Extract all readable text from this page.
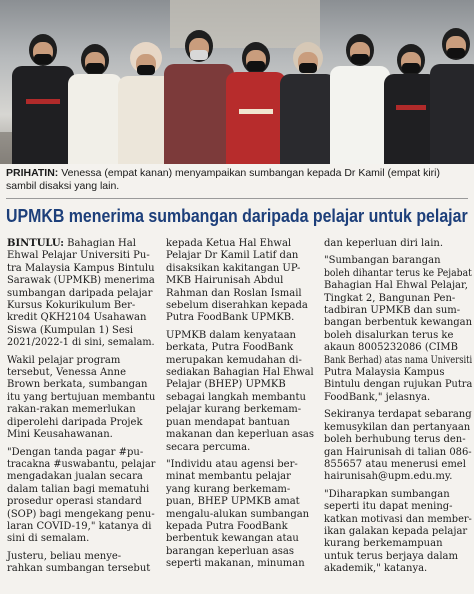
PRIHATIN: Venessa (empat kanan) menyampaikan sumbangan kepada Dr Kamil (empat kiri)
sambil disaksi yang lain.
UPMKB menerima sumbangan daripada pelajar untuk pelajar

BINTULU: Bahagian Hal
Ehwal Pelajar Universiti Pu-
tra Malaysia Kampus Bintulu
Sarawak (UPMKB) menerima
sumbangan daripada pelajar
Kursus Kokurikulum Ber-
kredit QKH2104 Usahawan
Siswa (Kumpulan 1) Sesi
2021/2022-1 di sini, semalam.

Wakil pelajar program
tersebut, Venessa Anne
Brown berkata, sumbangan
itu yang bertujuan membantu
rakan-rakan memerlukan
diperolehi daripada Projek
Mini Keusahawanan.

"Dengan tanda pagar #pu-
tracakna #uswabantu, pelajar
mengadakan jualan secara
dalam talian bagi mematuhi
prosedur operasi standard
(SOP) bagi mengekang penu-
laran COVID-19," katanya di
sini di semalam.

Justeru, beliau menye-
rahkan sumbangan tersebut

kepada Ketua Hal Ehwal
Pelajar Dr Kamil Latif dan
disaksikan kakitangan UP-
MKB Hairunisah Abdul
Rahman dan Roslan Ismail
sebelum diserahkan kepada
Putra FoodBank UPMKB.

UPMKB dalam kenyataan
berkata, Putra FoodBank
merupakan kemudahan di-
sediakan Bahagian Hal Ehwal
Pelajar (BHEP) UPMKB
sebagai langkah membantu
pelajar kurang berkemam-
puan mendapat bantuan
makanan dan keperluan asas
secara percuma.

"Individu atau agensi ber-
minat membantu pelajar
yang kurang berkemam-
puan, BHEP UPMKB amat
mengalu-alukan sumbangan
kepada Putra FoodBank
berbentuk kewangan atau
barangan keperluan asas
seperti makanan, minuman

dan keperluan diri lain.

"Sumbangan barangan
boleh dihantar terus ke Pejabat
Bahagian Hal Ehwal Pelajar,
Tingkat 2, Bangunan Pen-
tadbiran UPMKB dan sum-
bangan berbentuk kewangan
boleh disalurkan terus ke
akaun 8005232086 (CIMB
Bank Berhad) atas nama Universiti
Putra Malaysia Kampus
Bintulu dengan rujukan Putra
FoodBank," jelasnya.

Sekiranya terdapat sebarang
kemusykilan dan pertanyaan
boleh berhubung terus den-
gan Hairunisah di talian 086-
855657 atau menerusi emel
hairunisah@upm.edu.my.

"Diharapkan sumbangan
seperti itu dapat mening-
katkan motivasi dan member-
ikan galakan kepada pelajar
kurang berkemampuan
untuk terus berjaya dalam
akademik," katanya.
